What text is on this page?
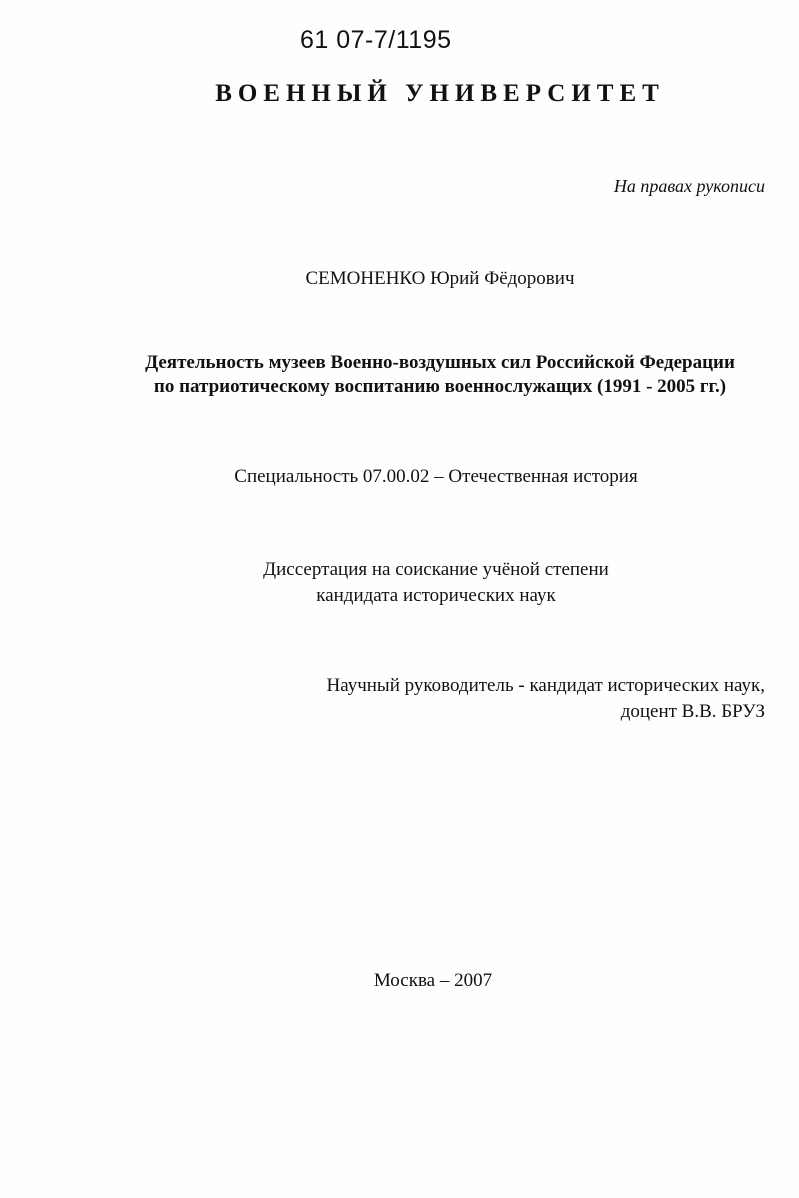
61 07-7/1195
ВОЕННЫЙ УНИВЕРСИТЕТ
На правах рукописи
СЕМОНЕНКО Юрий Фёдорович
Деятельность музеев Военно-воздушных сил Российской Федерации
по патриотическому воспитанию военнослужащих (1991 - 2005 гг.)
Специальность 07.00.02 – Отечественная история
Диссертация на соискание учёной степени
кандидата исторических наук
Научный руководитель - кандидат исторических наук,
доцент В.В. БРУЗ
Москва – 2007
